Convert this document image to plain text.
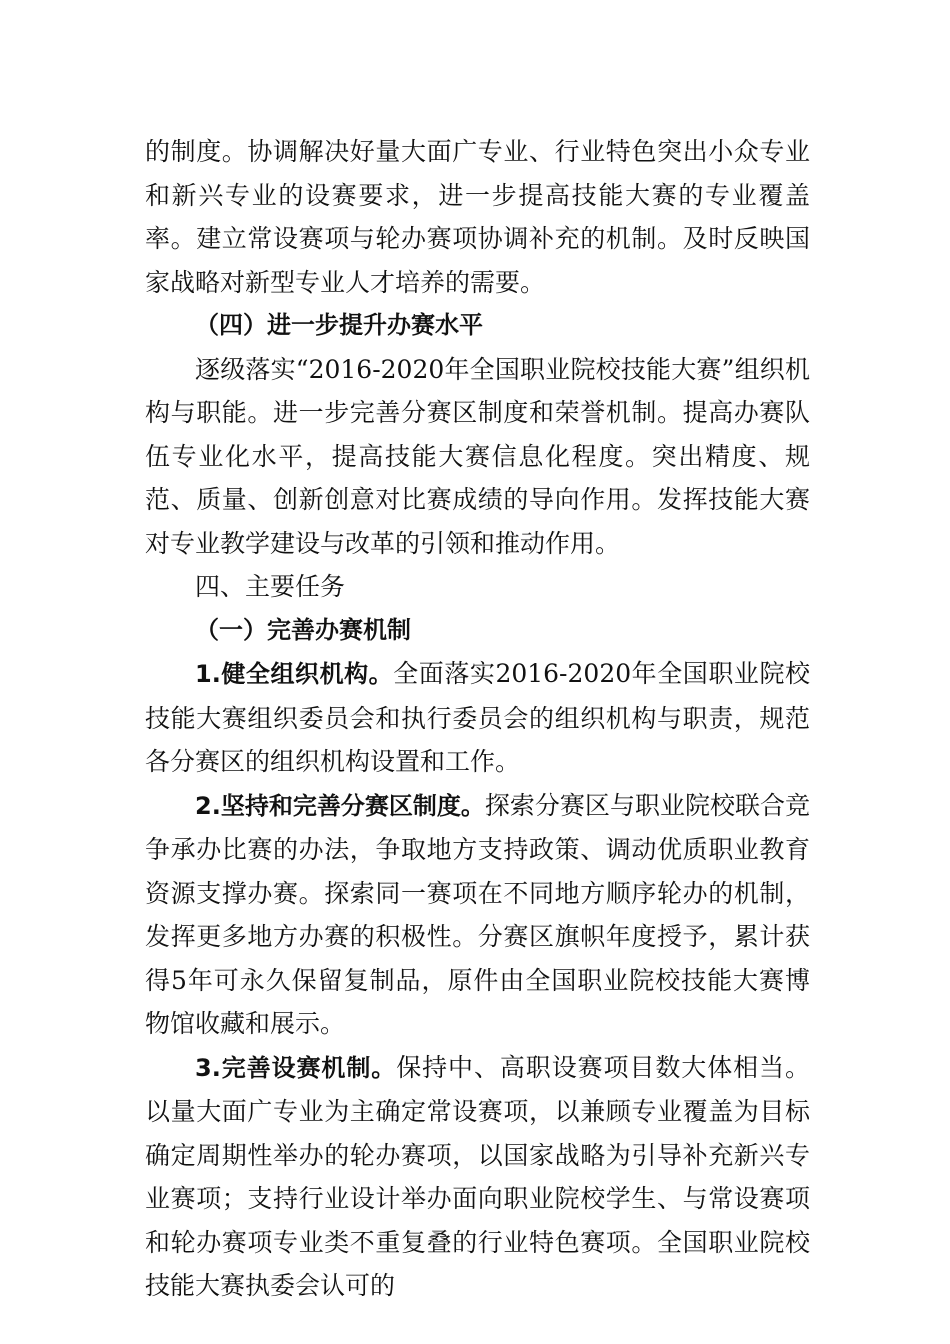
的制度。协调解决好量大面广专业、行业特色突出小众专业和新兴专业的设赛要求，进一步提高技能大赛的专业覆盖率。建立常设赛项与轮办赛项协调补充的机制。及时反映国家战略对新型专业人才培养的需要。

（四）进一步提升办赛水平

逐级落实“2016-2020年全国职业院校技能大赛”组织机构与职能。进一步完善分赛区制度和荣誉机制。提高办赛队伍专业化水平，提高技能大赛信息化程度。突出精度、规范、质量、创新创意对比赛成绩的导向作用。发挥技能大赛对专业教学建设与改革的引领和推动作用。

四、主要任务

（一）完善办赛机制

1.健全组织机构。全面落实2016-2020年全国职业院校技能大赛组织委员会和执行委员会的组织机构与职责，规范各分赛区的组织机构设置和工作。

2.坚持和完善分赛区制度。探索分赛区与职业院校联合竞争承办比赛的办法，争取地方支持政策、调动优质职业教育资源支撑办赛。探索同一赛项在不同地方顺序轮办的机制，发挥更多地方办赛的积极性。分赛区旗帜年度授予，累计获得5年可永久保留复制品，原件由全国职业院校技能大赛博物馆收藏和展示。

3.完善设赛机制。保持中、高职设赛项目数大体相当。以量大面广专业为主确定常设赛项，以兼顾专业覆盖为目标确定周期性举办的轮办赛项，以国家战略为引导补充新兴专业赛项；支持行业设计举办面向职业院校学生、与常设赛项和轮办赛项专业类不重复叠的行业特色赛项。全国职业院校技能大赛执委会认可的
